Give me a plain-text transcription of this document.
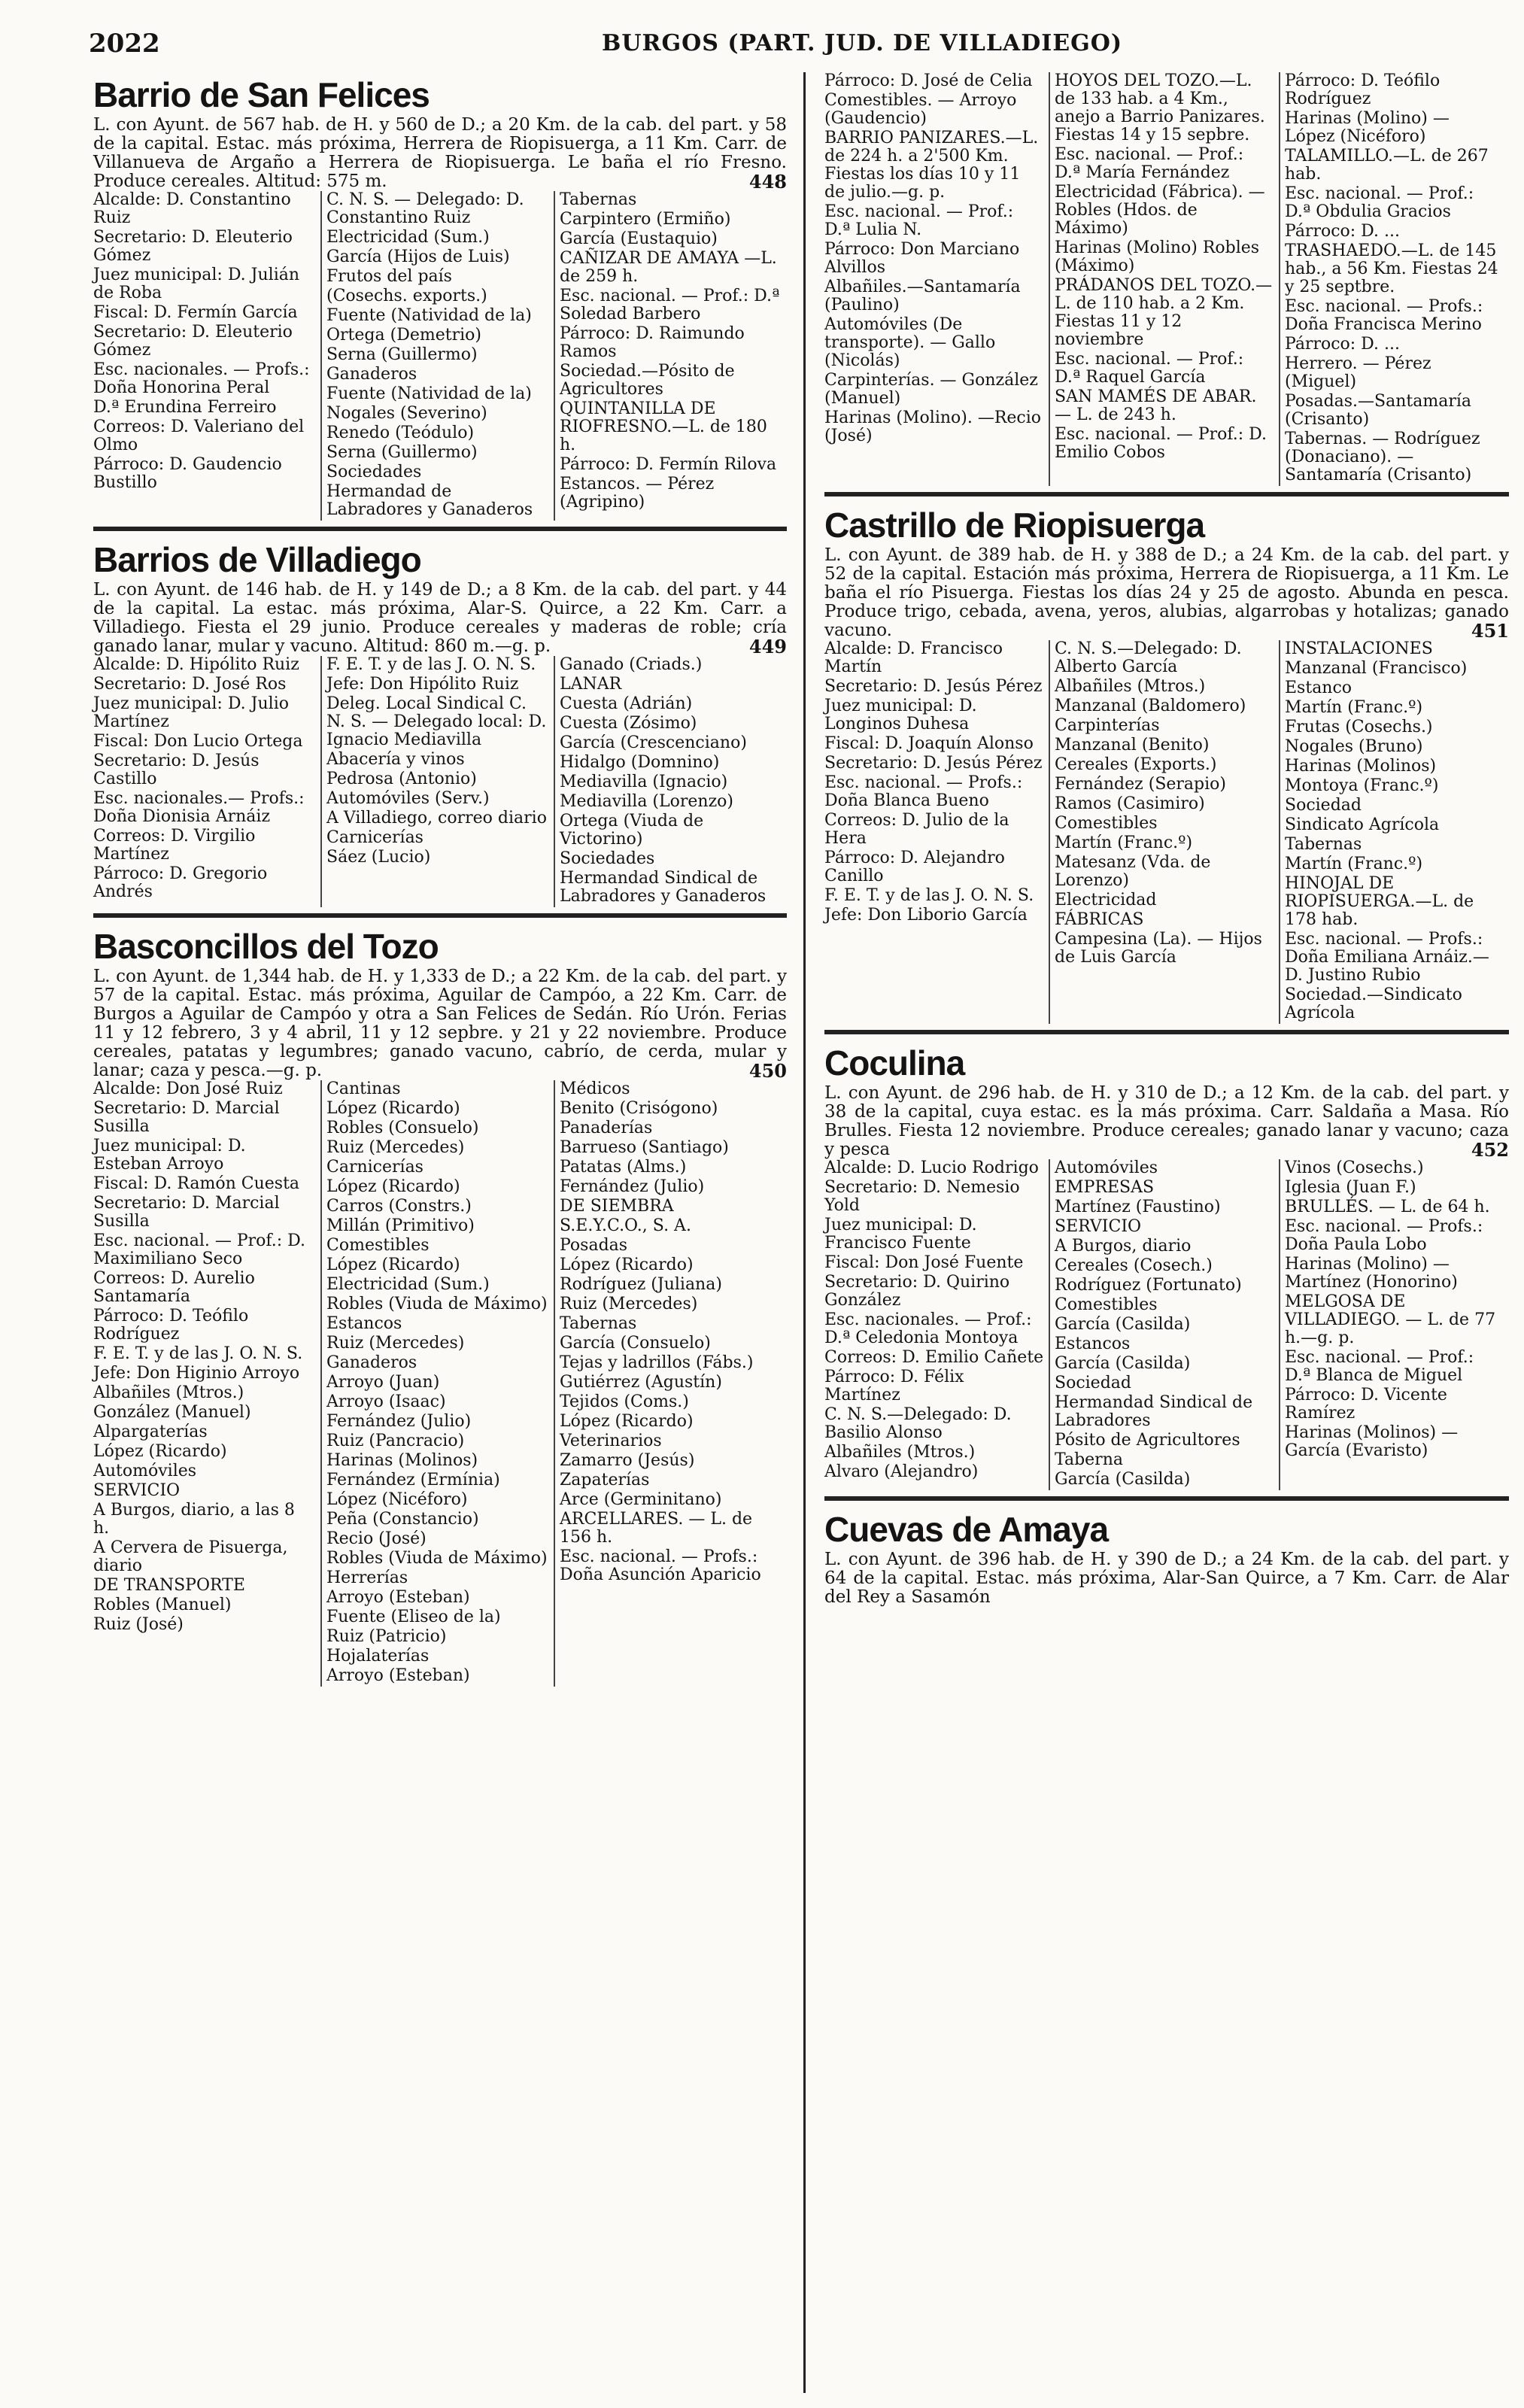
2022	BURGOS (PART. JUD. DE VILLADIEGO)
Barrio de San Felices
L. con Ayunt. de 567 hab. de H. y 560 de D.; a 20 Km. de la cab. del part. y 58 de la capital. Estac. más próxima, Herrera de Riopisuerga, a 11 Km. Carr. de Villanueva de Argaño a Herrera de Riopisuerga. Le baña el río Fresno. Produce cereales. Altitud: 575 m.	448
Alcalde: D. Constantino Ruiz
Secretario: D. Eleuterio Gómez
Juez municipal: D. Julián de Roba
Fiscal: D. Fermín García
Secretario: D. Eleuterio Gómez
Esc. nacionales. — Profs.: Doña Honorina Peral
D.ª Erundina Ferreiro
Correos: D. Valeriano del Olmo
Párroco: D. Gaudencio Bustillo
C. N. S. — Delegado: D. Constantino Ruiz
Electricidad (Sum.)
García (Hijos de Luis)
Frutos del país
(Cosechs. exports.)
Fuente (Natividad de la)
Ortega (Demetrio)
Serna (Guillermo)
Ganaderos
Fuente (Natividad de la)
Nogales (Severino)
Renedo (Teódulo)
Serna (Guillermo)
Sociedades
Hermandad de Labradores y Ganaderos
Tabernas
Carpintero (Ermiño)
García (Eustaquio)
CAÑIZAR DE AMAYA —L. de 259 h.
Esc. nacional. — Prof.: D.ª Soledad Barbero
Párroco: D. Raimundo Ramos
Sociedad.—Pósito de Agricultores
QUINTANILLA DE RIOFRESNO.—L. de 180 h.
Párroco: D. Fermín Rilova
Estancos. — Pérez (Agripino)
Barrios de Villadiego
L. con Ayunt. de 146 hab. de H. y 149 de D.; a 8 Km. de la cab. del part. y 44 de la capital. La estac. más próxima, Alar-S. Quirce, a 22 Km. Carr. a Villadiego. Fiesta el 29 junio. Produce cereales y maderas de roble; cría ganado lanar, mular y vacuno. Altitud: 860 m.—g. p.	449
Alcalde: D. Hipólito Ruiz
Secretario: D. José Ros
Juez municipal: D. Julio Martínez
Fiscal: Don Lucio Ortega
Secretario: D. Jesús Castillo
Esc. nacionales.— Profs.: Doña Dionisia Arnáiz
Correos: D. Virgilio Martínez
Párroco: D. Gregorio Andrés
F. E. T. y de las J. O. N. S.
Jefe: Don Hipólito Ruiz
Deleg. Local Sindical C. N. S. — Delegado local: D. Ignacio Mediavilla
Abacería y vinos
Pedrosa (Antonio)
Automóviles (Serv.)
A Villadiego, correo diario
Carnicerías
Sáez (Lucio)
Ganado (Criads.)
LANAR
Cuesta (Adrián)
Cuesta (Zósimo)
García (Crescenciano)
Hidalgo (Domnino)
Mediavilla (Ignacio)
Mediavilla (Lorenzo)
Ortega (Viuda de Victorino)
Sociedades
Hermandad Sindical de Labradores y Ganaderos
Basconcillos del Tozo
L. con Ayunt. de 1,344 hab. de H. y 1,333 de D.; a 22 Km. de la cab. del part. y 57 de la capital. Estac. más próxima, Aguilar de Campóo, a 22 Km. Carr. de Burgos a Aguilar de Campóo y otra a San Felices de Sedán. Río Urón. Ferias 11 y 12 febrero, 3 y 4 abril, 11 y 12 sepbre. y 21 y 22 noviembre. Produce cereales, patatas y legumbres; ganado vacuno, cabrío, de cerda, mular y lanar; caza y pesca.—g. p.	450
Alcalde: Don José Ruiz
Secretario: D. Marcial Susilla
Juez municipal: D. Esteban Arroyo
Fiscal: D. Ramón Cuesta
Secretario: D. Marcial Susilla
Esc. nacional. — Prof.: D. Maximiliano Seco
Correos: D. Aurelio Santamaría
Párroco: D. Teófilo Rodríguez
F. E. T. y de las J. O. N. S.
Jefe: Don Higinio Arroyo
Albañiles (Mtros.)
González (Manuel)
Alpargaterías
López (Ricardo)
Automóviles
SERVICIO
A Burgos, diario, a las 8 h.
A Cervera de Pisuerga, diario
DE TRANSPORTE
Robles (Manuel)
Ruiz (José)
Cantinas
López (Ricardo)
Robles (Consuelo)
Ruiz (Mercedes)
Carnicerías
López (Ricardo)
Carros (Constrs.)
Millán (Primitivo)
Comestibles
López (Ricardo)
Electricidad (Sum.)
Robles (Viuda de Máximo)
Estancos
Ruiz (Mercedes)
Ganaderos
Arroyo (Juan)
Arroyo (Isaac)
Fernández (Julio)
Ruiz (Pancracio)
Harinas (Molinos)
Fernández (Ermínia)
López (Nicéforo)
Peña (Constancio)
Recio (José)
Robles (Viuda de Máximo)
Herrerías
Arroyo (Esteban)
Fuente (Eliseo de la)
Ruiz (Patricio)
Hojalaterías
Arroyo (Esteban)
Médicos
Benito (Crisógono)
Panaderías
Barrueso (Santiago)
Patatas (Alms.)
Fernández (Julio)
DE SIEMBRA
S.E.Y.C.O., S. A.
Posadas
López (Ricardo)
Rodríguez (Juliana)
Ruiz (Mercedes)
Tabernas
García (Consuelo)
Tejas y ladrillos (Fábs.)
Gutiérrez (Agustín)
Tejidos (Coms.)
López (Ricardo)
Veterinarios
Zamarro (Jesús)
Zapaterías
Arce (Germinitano)
ARCELLARES. — L. de 156 h.
Esc. nacional. — Profs.: Doña Asunción Aparicio
Párroco: D. José de Celia
Comestibles. — Arroyo (Gaudencio)
BARRIO PANIZARES.—L. de 224 h. a 2'500 Km. Fiestas los días 10 y 11 de julio.—g. p.
Esc. nacional. — Prof.: D.ª Lulia N.
Párroco: Don Marciano Alvillos
Albañiles.—Santamaría (Paulino)
Automóviles (De transporte). — Gallo (Nicolás)
Carpinterías. — González (Manuel)
Harinas (Molino). —Recio (José)
HOYOS DEL TOZO.—L. de 133 hab. a 4 Km., anejo a Barrio Panizares. Fiestas 14 y 15 sepbre.
Esc. nacional. — Prof.: D.ª María Fernández
Electricidad (Fábrica). — Robles (Hdos. de Máximo)
Harinas (Molino) Robles (Máximo)
PRÁDANOS DEL TOZO.—L. de 110 hab. a 2 Km. Fiestas 11 y 12 noviembre
Esc. nacional. — Prof.: D.ª Raquel García
SAN MAMÉS DE ABAR. — L. de 243 h.
Esc. nacional. — Prof.: D. Emilio Cobos
Párroco: D. Teófilo Rodríguez
Harinas (Molino) — López (Nicéforo)
TALAMILLO.—L. de 267 hab.
Esc. nacional. — Prof.: D.ª Obdulia Gracios
Párroco: D. ...
TRASHAEDO.—L. de 145 hab., a 56 Km. Fiestas 24 y 25 septbre.
Esc. nacional. — Profs.: Doña Francisca Merino
Párroco: D. ...
Herrero. — Pérez (Miguel)
Posadas.—Santamaría (Crisanto)
Tabernas. — Rodríguez (Donaciano). — Santamaría (Crisanto)
Castrillo de Riopisuerga
L. con Ayunt. de 389 hab. de H. y 388 de D.; a 24 Km. de la cab. del part. y 52 de la capital. Estación más próxima, Herrera de Riopisuerga, a 11 Km. Le baña el río Pisuerga. Fiestas los días 24 y 25 de agosto. Abunda en pesca. Produce trigo, cebada, avena, yeros, alubias, algarrobas y hotalizas; ganado vacuno.	451
Alcalde: D. Francisco Martín
Secretario: D. Jesús Pérez
Juez municipal: D. Longinos Duhesa
Fiscal: D. Joaquín Alonso
Secretario: D. Jesús Pérez
Esc. nacional. — Profs.: Doña Blanca Bueno
Correos: D. Julio de la Hera
Párroco: D. Alejandro Canillo
F. E. T. y de las J. O. N. S.
Jefe: Don Liborio García
C. N. S.—Delegado: D. Alberto García
Albañiles (Mtros.)
Manzanal (Baldomero)
Carpinterías
Manzanal (Benito)
Cereales (Exports.)
Fernández (Serapio)
Ramos (Casimiro)
Comestibles
Martín (Franc.º)
Matesanz (Vda. de Lorenzo)
Electricidad
FÁBRICAS
Campesina (La). — Hijos de Luis García
INSTALACIONES
Manzanal (Francisco)
Estanco
Martín (Franc.º)
Frutas (Cosechs.)
Nogales (Bruno)
Harinas (Molinos)
Montoya (Franc.º)
Sociedad
Sindicato Agrícola
Tabernas
Martín (Franc.º)
HINOJAL DE RIOPISUERGA.—L. de 178 hab.
Esc. nacional. — Profs.: Doña Emiliana Arnáiz.—D. Justino Rubio
Sociedad.—Sindicato Agrícola
Coculina
L. con Ayunt. de 296 hab. de H. y 310 de D.; a 12 Km. de la cab. del part. y 38 de la capital, cuya estac. es la más próxima. Carr. Saldaña a Masa. Río Brulles. Fiesta 12 noviembre. Produce cereales; ganado lanar y vacuno; caza y pesca	452
Alcalde: D. Lucio Rodrigo
Secretario: D. Nemesio Yold
Juez municipal: D. Francisco Fuente
Fiscal: Don José Fuente
Secretario: D. Quirino González
Esc. nacionales. — Prof.: D.ª Celedonia Montoya
Correos: D. Emilio Cañete
Párroco: D. Félix Martínez
C. N. S.—Delegado: D. Basilio Alonso
Albañiles (Mtros.)
Alvaro (Alejandro)
Automóviles
EMPRESAS
Martínez (Faustino)
SERVICIO
A Burgos, diario
Cereales (Cosech.)
Rodríguez (Fortunato)
Comestibles
García (Casilda)
Estancos
García (Casilda)
Sociedad
Hermandad Sindical de Labradores
Pósito de Agricultores
Taberna
García (Casilda)
Vinos (Cosechs.)
Iglesia (Juan F.)
BRULLÉS. — L. de 64 h.
Esc. nacional. — Profs.: Doña Paula Lobo
Harinas (Molino) —Martínez (Honorino)
MELGOSA DE VILLADIEGO. — L. de 77 h.—g. p.
Esc. nacional. — Prof.: D.ª Blanca de Miguel
Párroco: D. Vicente Ramírez
Harinas (Molinos) —García (Evaristo)
Cuevas de Amaya
L. con Ayunt. de 396 hab. de H. y 390 de D.; a 24 Km. de la cab. del part. y 64 de la capital. Estac. más próxima, Alar-San Quirce, a 7 Km. Carr. de Alar del Rey a Sasamón
